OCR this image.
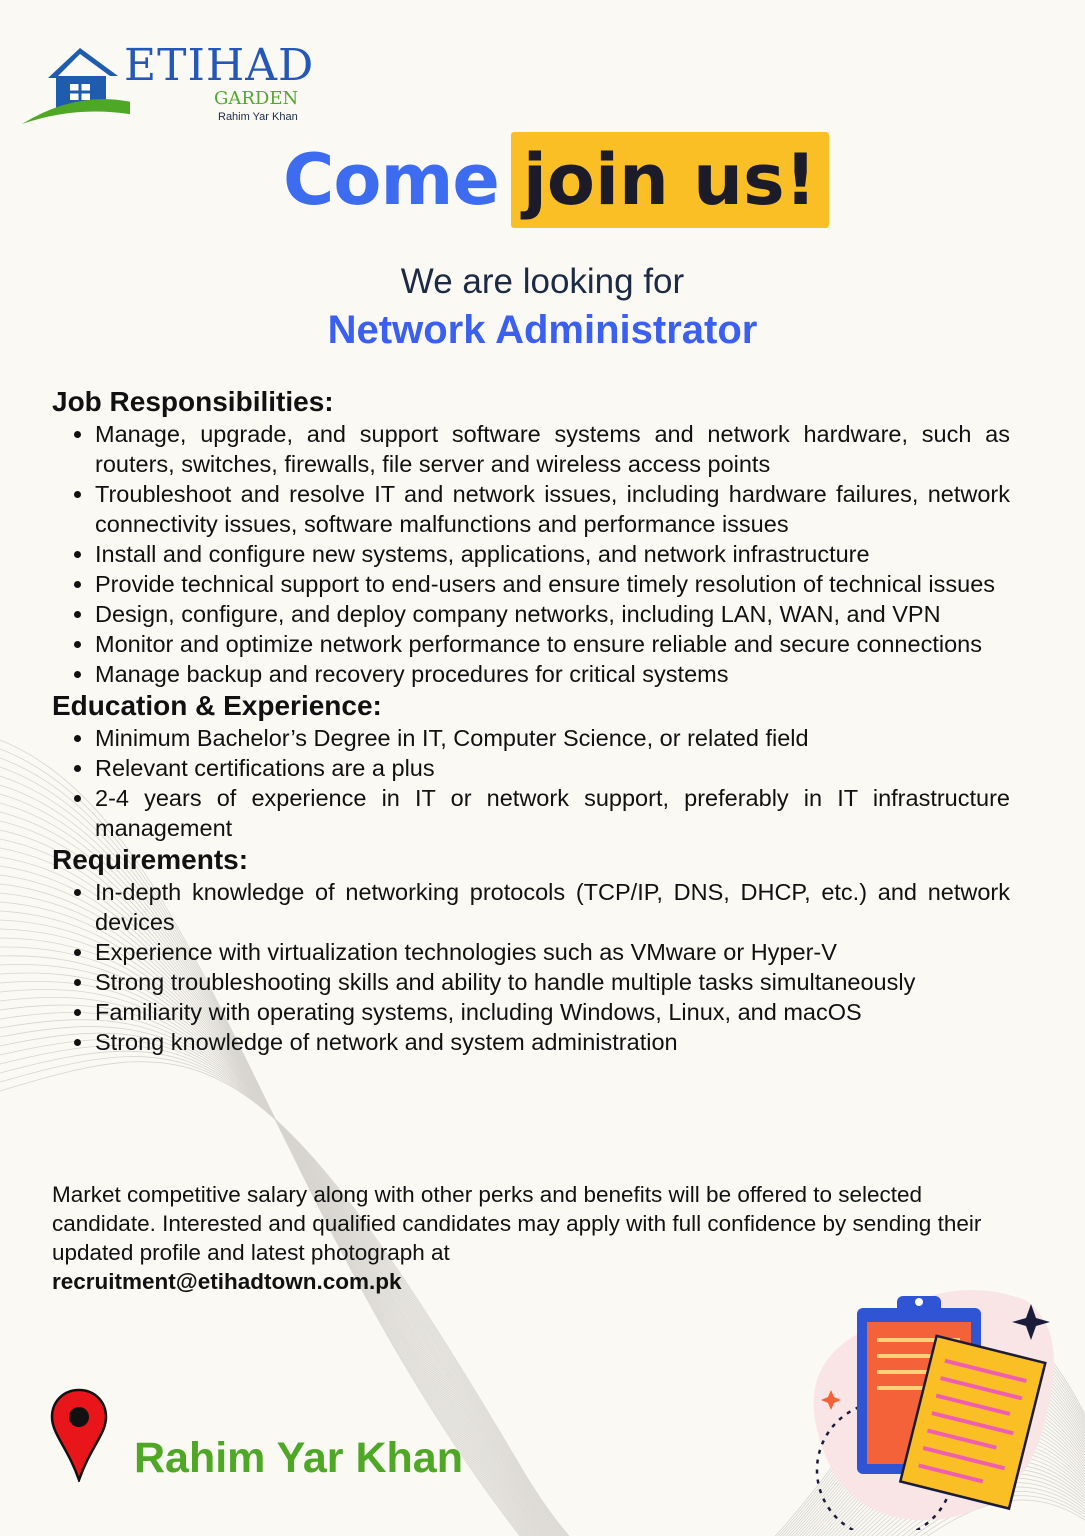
ETIHAD
GARDEN
Rahim Yar Khan
Come join us!
We are looking for
Network Administrator
Job Responsibilities:
• Manage, upgrade, and support software systems and network hardware, such as routers, switches, firewalls, file server and wireless access points
• Troubleshoot and resolve IT and network issues, including hardware failures, network connectivity issues, software malfunctions and performance issues
• Install and configure new systems, applications, and network infrastructure
• Provide technical support to end-users and ensure timely resolution of technical issues
• Design, configure, and deploy company networks, including LAN, WAN, and VPN
• Monitor and optimize network performance to ensure reliable and secure connections
• Manage backup and recovery procedures for critical systems
Education & Experience:
• Minimum Bachelor’s Degree in IT, Computer Science, or related field
• Relevant certifications are a plus
• 2-4 years of experience in IT or network support, preferably in IT infrastructure management
Requirements:
• In-depth knowledge of networking protocols (TCP/IP, DNS, DHCP, etc.) and network devices
• Experience with virtualization technologies such as VMware or Hyper-V
• Strong troubleshooting skills and ability to handle multiple tasks simultaneously
• Familiarity with operating systems, including Windows, Linux, and macOS
• Strong knowledge of network and system administration
Market competitive salary along with other perks and benefits will be offered to selected candidate. Interested and qualified candidates may apply with full confidence by sending their updated profile and latest photograph at
recruitment@etihadtown.com.pk
Rahim Yar Khan
